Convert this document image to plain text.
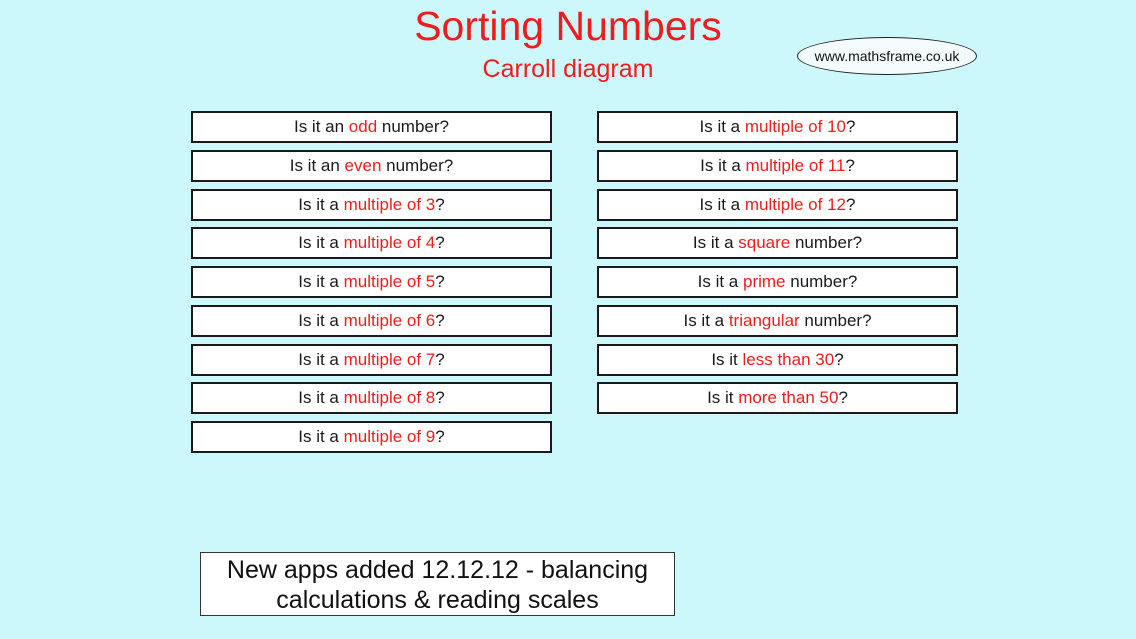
Sorting Numbers
Carroll diagram	www.mathsframe.co.uk
Is it an odd number?
Is it an even number?
Is it a multiple of 3?
Is it a multiple of 4?
Is it a multiple of 5?
Is it a multiple of 6?
Is it a multiple of 7?
Is it a multiple of 8?
Is it a multiple of 9?
Is it a multiple of 10?
Is it a multiple of 11?
Is it a multiple of 12?
Is it a square number?
Is it a prime number?
Is it a triangular number?
Is it less than 30?
Is it more than 50?
New apps added 12.12.12 - balancing
calculations & reading scales
